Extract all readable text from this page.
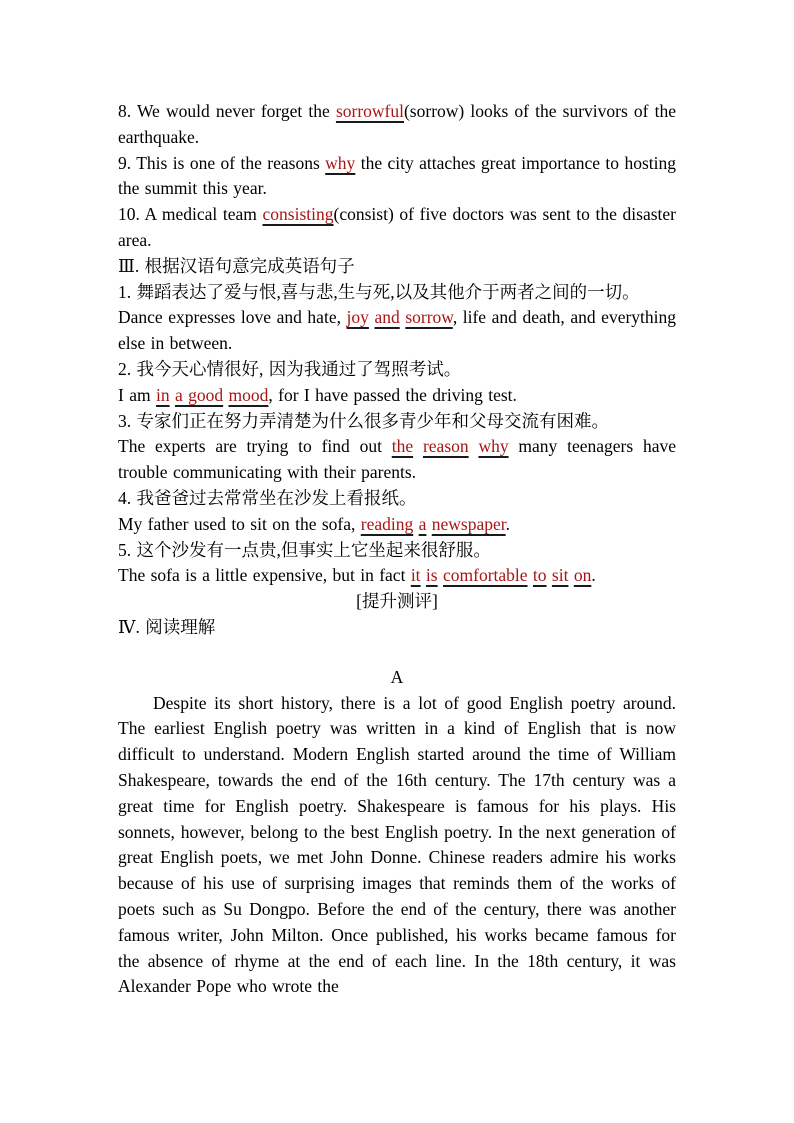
8. We would never forget the sorrowful(sorrow) looks of the survivors of the earthquake.

9. This is one of the reasons why the city attaches great importance to hosting the summit this year.

10. A medical team consisting(consist) of five doctors was sent to the disaster area.

Ⅲ. 根据汉语句意完成英语句子

1. 舞蹈表达了爱与恨,喜与悲,生与死,以及其他介于两者之间的一切。

Dance expresses love and hate, joy and sorrow, life and death, and everything else in between.

2. 我今天心情很好, 因为我通过了驾照考试。

I am in a good mood, for I have passed the driving test.

3. 专家们正在努力弄清楚为什么很多青少年和父母交流有困难。

The experts are trying to find out the reason why many teenagers have trouble communicating with their parents.

4. 我爸爸过去常常坐在沙发上看报纸。

My father used to sit on the sofa, reading a newspaper.

5. 这个沙发有一点贵,但事实上它坐起来很舒服。

The sofa is a little expensive, but in fact it is comfortable to sit on.

[提升测评]

Ⅳ. 阅读理解

A

Despite its short history, there is a lot of good English poetry around. The earliest English poetry was written in a kind of English that is now difficult to understand. Modern English started around the time of William Shakespeare, towards the end of the 16th century. The 17th century was a great time for English poetry. Shakespeare is famous for his plays. His sonnets, however, belong to the best English poetry. In the next generation of great English poets, we met John Donne. Chinese readers admire his works because of his use of surprising images that reminds them of the works of poets such as Su Dongpo. Before the end of the century, there was another famous writer, John Milton. Once published, his works became famous for the absence of rhyme at the end of each line. In the 18th century, it was Alexander Pope who wrote the
